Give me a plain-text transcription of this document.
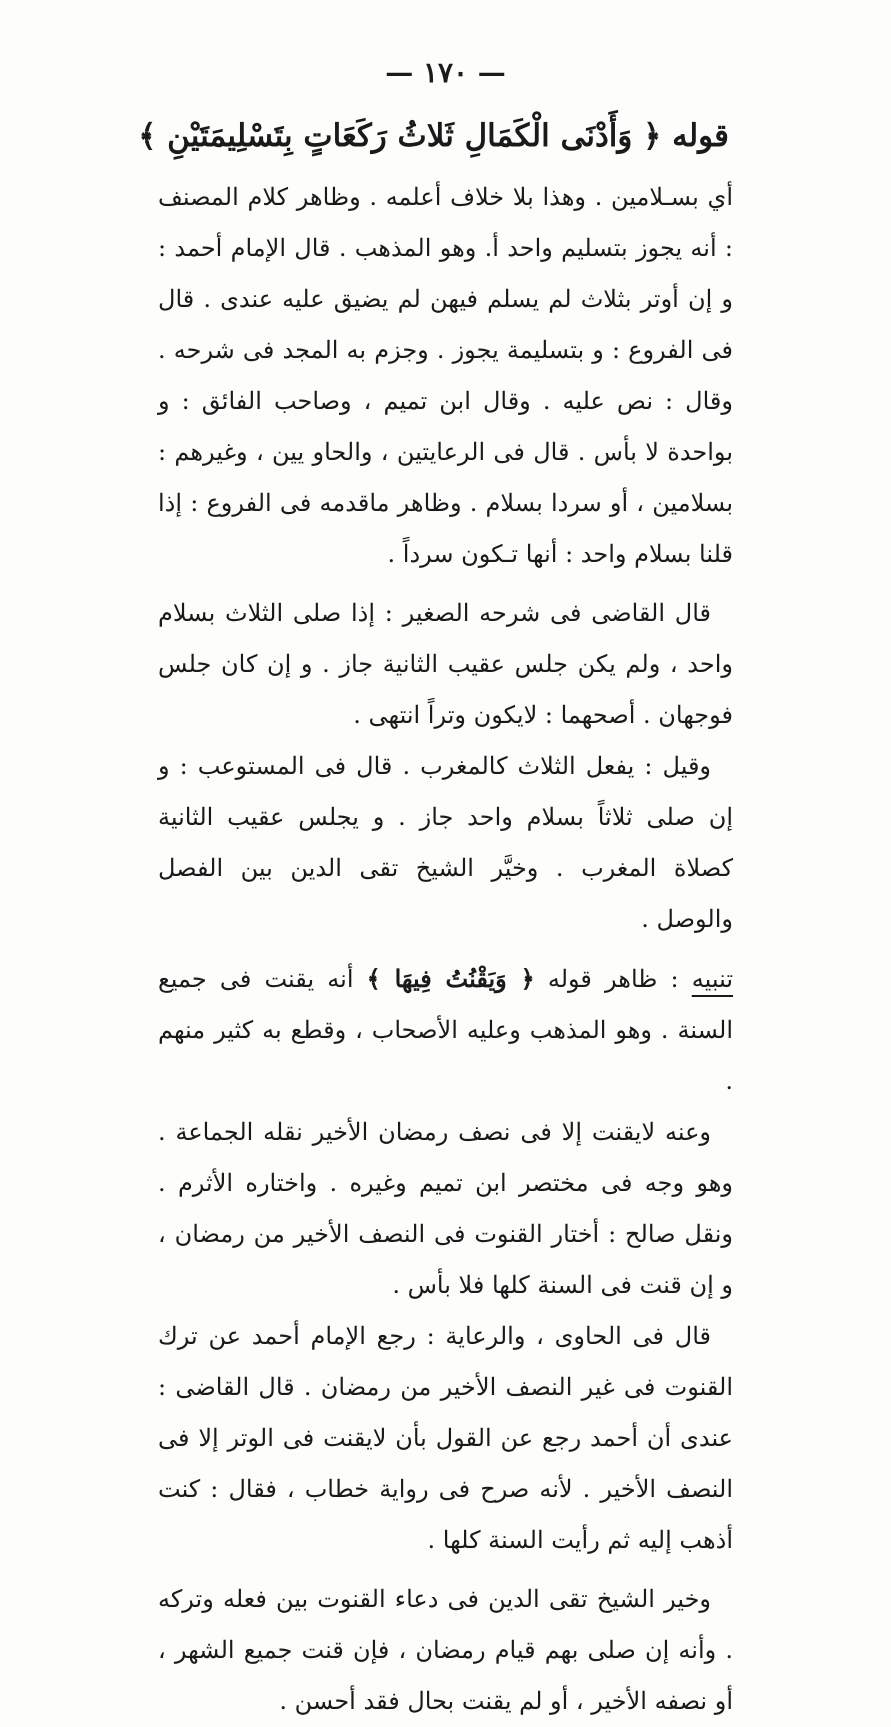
— ١٧٠ —
قوله ﴿ وَأَدْنَى الْكَمَالِ ثَلاثُ رَكَعَاتٍ بِتَسْلِيمَتَيْنِ ﴾

أي بسـلامين . وهذا بلا خلاف أعلمه . وظاهر كلام المصنف : أنه يجوز بتسليم واحد أ. وهو المذهب . قال الإمام أحمد : و إن أوتر بثلاث لم يسلم فيهن لم يضيق عليه عندى . قال فى الفروع : و بتسليمة يجوز . وجزم به المجد فى شرحه . وقال : نص عليه . وقال ابن تميم ، وصاحب الفائق : و بواحدة لا بأس . قال فى الرعايتين ، والحاو يين ، وغيرهم : بسلامين ، أو سردا بسلام . وظاهر ماقدمه فى الفروع : إذا قلنا بسلام واحد : أنها تـكون سرداً .

قال القاضى فى شرحه الصغير : إذا صلى الثلاث بسلام واحد ، ولم يكن جلس عقيب الثانية جاز . و إن كان جلس فوجهان . أصحهما : لايكون وتراً انتهى .

وقيل : يفعل الثلاث كالمغرب . قال فى المستوعب : و إن صلى ثلاثاً بسلام واحد جاز . و يجلس عقيب الثانية كصلاة المغرب . وخيَّر الشيخ تقى الدين بين الفصل والوصل .

تنبيه : ظاهر قوله ﴿ وَيَقْنُتُ فِيهَا ﴾ أنه يقنت فى جميع السنة . وهو المذهب وعليه الأصحاب ، وقطع به كثير منهم .

وعنه لايقنت إلا فى نصف رمضان الأخير نقله الجماعة . وهو وجه فى مختصر ابن تميم وغيره . واختاره الأثرم . ونقل صالح : أختار القنوت فى النصف الأخير من رمضان ، و إن قنت فى السنة كلها فلا بأس .

قال فى الحاوى ، والرعاية : رجع الإمام أحمد عن ترك القنوت فى غير النصف الأخير من رمضان . قال القاضى : عندى أن أحمد رجع عن القول بأن لايقنت فى الوتر إلا فى النصف الأخير . لأنه صرح فى رواية خطاب ، فقال : كنت أذهب إليه ثم رأيت السنة كلها .

وخير الشيخ تقى الدين فى دعاء القنوت بين فعله وتركه . وأنه إن صلى بهم قيام رمضان ، فإن قنت جميع الشهر ، أو نصفه الأخير ، أو لم يقنت بحال فقد أحسن .
